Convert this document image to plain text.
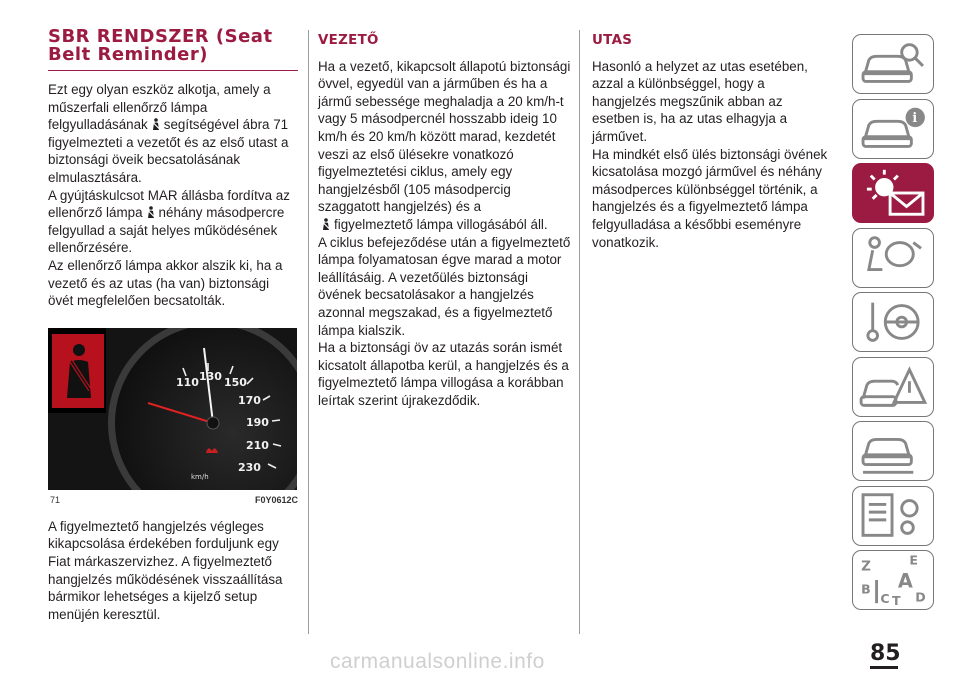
SBR RENDSZER (Seat Belt Reminder)

Ezt egy olyan eszköz alkotja, amely a műszerfali ellenőrző lámpa felgyulladásának segítségével ábra 71 figyelmezteti a vezetőt és az első utast a biztonsági öveik becsatolásának elmulasztására.

A gyújtáskulcsot MAR állásba fordítva az ellenőrző lámpa néhány másodpercre felgyullad a saját helyes működésének ellenőrzésére.

Az ellenőrző lámpa akkor alszik ki, ha a vezető és az utas (ha van) biztonsági övét megfelelően becsatolták.

110 130 150
170
190
210
230
km/h
71	F0Y0612C

A figyelmeztető hangjelzés végleges kikapcsolása érdekében forduljunk egy Fiat márkaszervizhez. A figyelmeztető hangjelzés működésének visszaállítása bármikor lehetséges a kijelző setup menüjén keresztül.

VEZETŐ

Ha a vezető, kikapcsolt állapotú biztonsági övvel, egyedül van a járműben és ha a jármű sebessége meghaladja a 20 km/h-t vagy 5 másodpercnél hosszabb ideig 10 km/h és 20 km/h között marad, kezdetét veszi az első ülésekre vonatkozó figyelmeztetési ciklus, amely egy hangjelzésből (105 másodpercig szaggatott hangjelzés) és a
figyelmeztető lámpa villogásából áll.

A ciklus befejeződése után a figyelmeztető lámpa folyamatosan égve marad a motor leállításáig. A vezetőülés biztonsági övének becsatolásakor a hangjelzés azonnal megszakad, és a figyelmeztető lámpa kialszik.

Ha a biztonsági öv az utazás során ismét kicsatolt állapotba kerül, a hangjelzés és a figyelmeztető lámpa villogása a korábban leírtak szerint újrakezdődik.

UTAS

Hasonló a helyzet az utas esetében, azzal a különbséggel, hogy a hangjelzés megszűnik abban az esetben is, ha az utas elhagyja a járművet.

Ha mindkét első ülés biztonsági övének kicsatolása mozgó járművel és néhány másodperces különbséggel történik, a hangjelzés és a figyelmeztető lámpa felgyulladása a későbbi eseményre vonatkozik.

i
Z	E
B A
C T D
85
carmanualsonline.info
